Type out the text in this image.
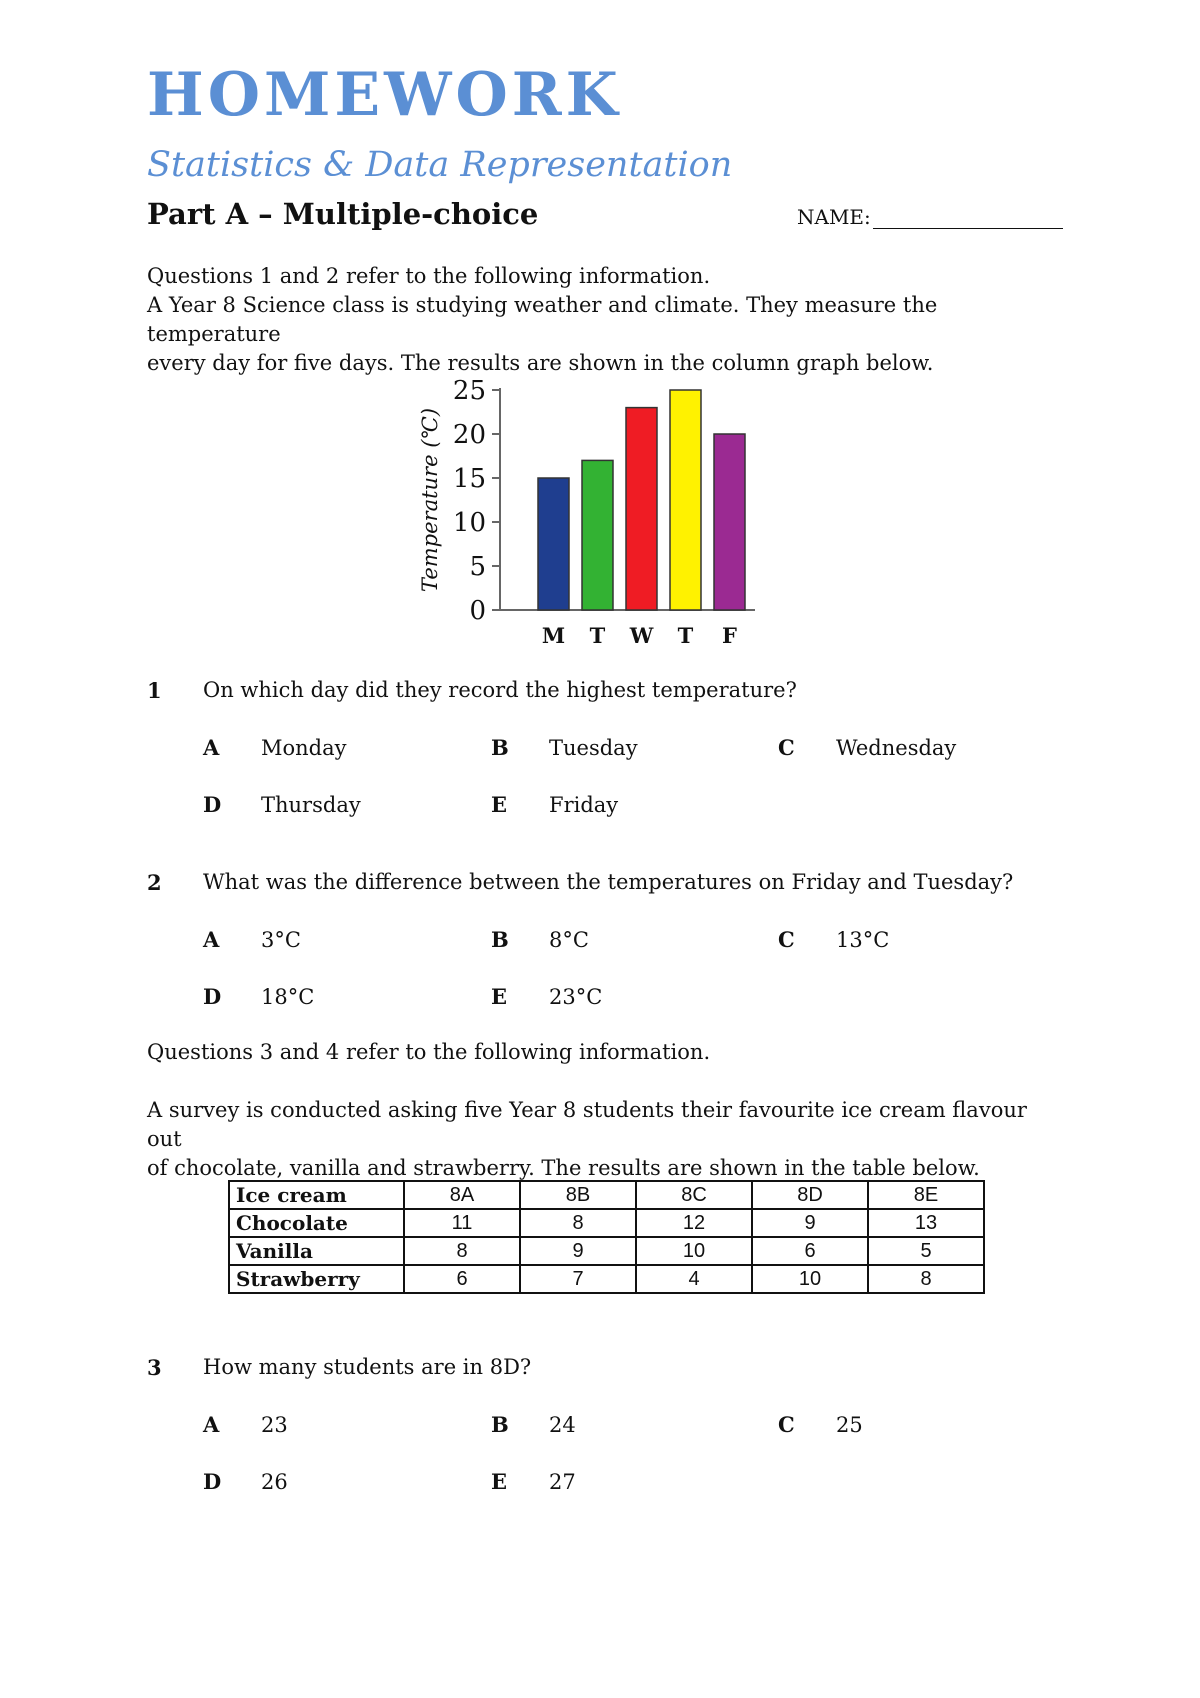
HOMEWORK
Statistics & Data Representation
Part A – Multiple-choice	NAME:
Questions 1 and 2 refer to the following information.
A Year 8 Science class is studying weather and climate. They measure the temperature
every day for five days. The results are shown in the column graph below.
0
5
10
15
20
25
M T W T F
Temperature (℃)
1 On which day did they record the highest temperature?
A Monday	B Tuesday	C Wednesday
D Thursday	E Friday
2 What was the difference between the temperatures on Friday and Tuesday?
A 3°C	B 8°C	C 13°C
D 18°C	E 23°C
Questions 3 and 4 refer to the following information.
A survey is conducted asking five Year 8 students their favourite ice cream flavour out
of chocolate, vanilla and strawberry. The results are shown in the table below.
Ice cream	8A	8B	8C	8D	8E
Chocolate	11	8	12	9	13
Vanilla	8	9	10	6	5
Strawberry	6	7	4	10	8
3 How many students are in 8D?
A 23	B 24	C 25
D 26	E 27
